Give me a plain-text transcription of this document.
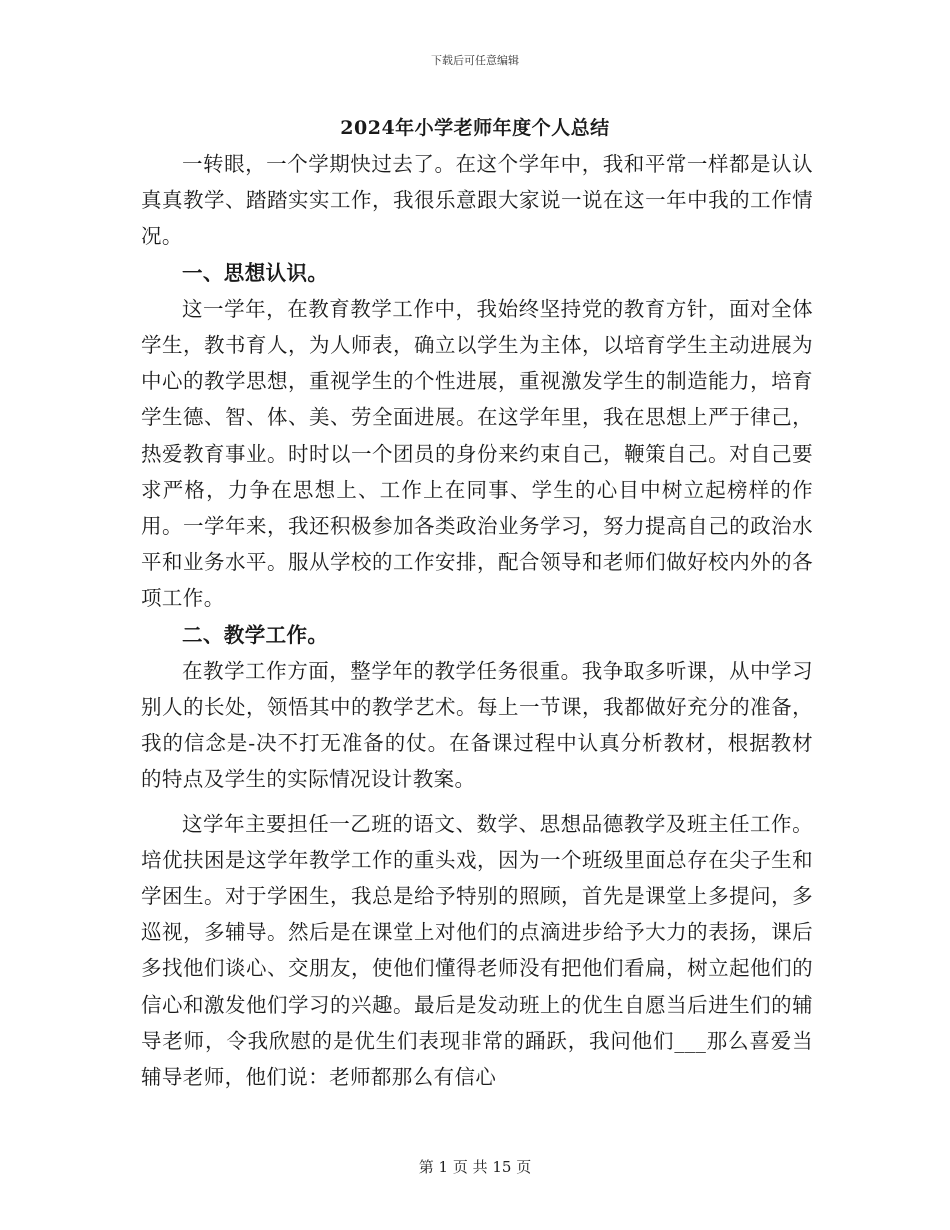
下载后可任意编辑
2024年小学老师年度个人总结

一转眼，一个学期快过去了。在这个学年中，我和平常一样都是认认真真教学、踏踏实实工作，我很乐意跟大家说一说在这一年中我的工作情况。

一、思想认识。

这一学年，在教育教学工作中，我始终坚持党的教育方针，面对全体学生，教书育人，为人师表，确立以学生为主体，以培育学生主动进展为中心的教学思想，重视学生的个性进展，重视激发学生的制造能力，培育学生德、智、体、美、劳全面进展。在这学年里，我在思想上严于律己，热爱教育事业。时时以一个团员的身份来约束自己，鞭策自己。对自己要求严格，力争在思想上、工作上在同事、学生的心目中树立起榜样的作用。一学年来，我还积极参加各类政治业务学习，努力提高自己的政治水平和业务水平。服从学校的工作安排，配合领导和老师们做好校内外的各项工作。

二、教学工作。

在教学工作方面，整学年的教学任务很重。我争取多听课，从中学习别人的长处，领悟其中的教学艺术。每上一节课，我都做好充分的准备，我的信念是-决不打无准备的仗。在备课过程中认真分析教材，根据教材的特点及学生的实际情况设计教案。

这学年主要担任一乙班的语文、数学、思想品德教学及班主任工作。培优扶困是这学年教学工作的重头戏，因为一个班级里面总存在尖子生和学困生。对于学困生，我总是给予特别的照顾，首先是课堂上多提问，多巡视，多辅导。然后是在课堂上对他们的点滴进步给予大力的表扬，课后多找他们谈心、交朋友，使他们懂得老师没有把他们看扁，树立起他们的信心和激发他们学习的兴趣。最后是发动班上的优生自愿当后进生们的辅导老师，令我欣慰的是优生们表现非常的踊跃，我问他们___那么喜爱当辅导老师，他们说：老师都那么有信心

第 1 页 共 15 页
